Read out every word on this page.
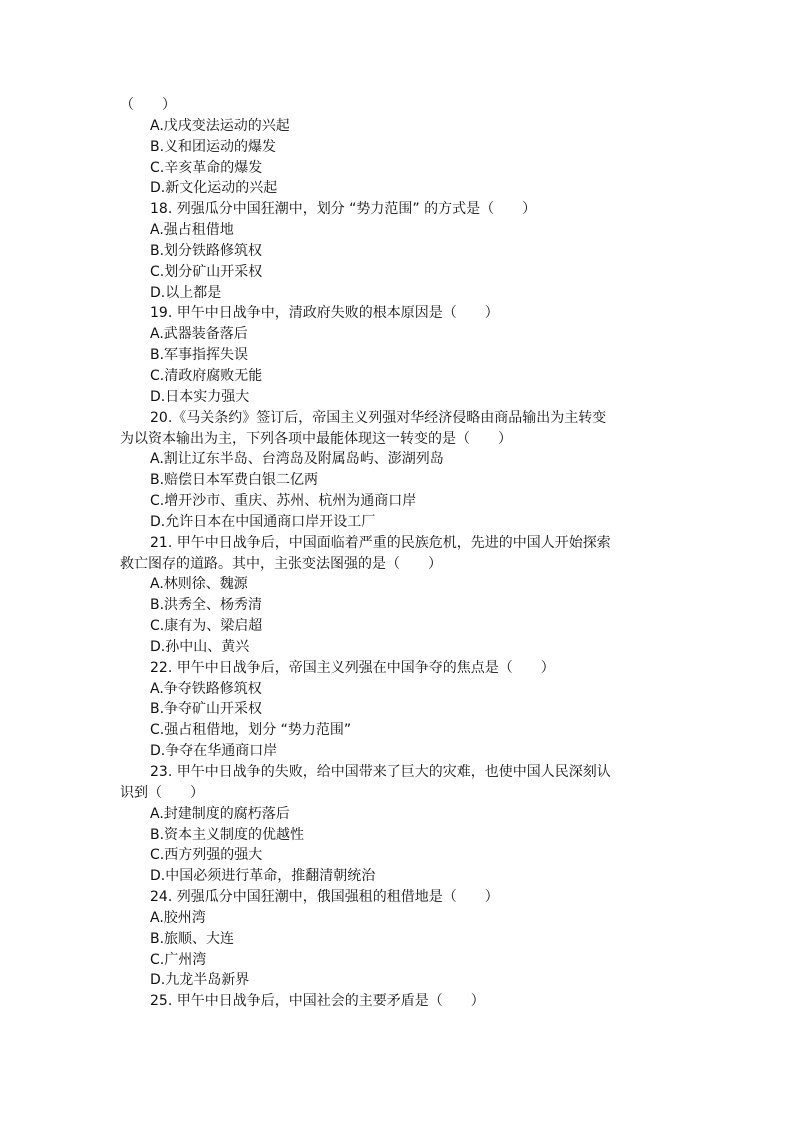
（　　）
A.戊戌变法运动的兴起
B.义和团运动的爆发
C.辛亥革命的爆发
D.新文化运动的兴起
18. 列强瓜分中国狂潮中，划分 “势力范围” 的方式是（　　）
A.强占租借地
B.划分铁路修筑权
C.划分矿山开采权
D.以上都是
19. 甲午中日战争中，清政府失败的根本原因是（　　）
A.武器装备落后
B.军事指挥失误
C.清政府腐败无能
D.日本实力强大
20.《马关条约》签订后，帝国主义列强对华经济侵略由商品输出为主转变
为以资本输出为主，下列各项中最能体现这一转变的是（　　）
A.割让辽东半岛、台湾岛及附属岛屿、澎湖列岛
B.赔偿日本军费白银二亿两
C.增开沙市、重庆、苏州、杭州为通商口岸
D.允许日本在中国通商口岸开设工厂
21. 甲午中日战争后，中国面临着严重的民族危机，先进的中国人开始探索
救亡图存的道路。其中，主张变法图强的是（　　）
A.林则徐、魏源
B.洪秀全、杨秀清
C.康有为、梁启超
D.孙中山、黄兴
22. 甲午中日战争后，帝国主义列强在中国争夺的焦点是（　　）
A.争夺铁路修筑权
B.争夺矿山开采权
C.强占租借地，划分 “势力范围”
D.争夺在华通商口岸
23. 甲午中日战争的失败，给中国带来了巨大的灾难，也使中国人民深刻认
识到（　　）
A.封建制度的腐朽落后
B.资本主义制度的优越性
C.西方列强的强大
D.中国必须进行革命，推翻清朝统治
24. 列强瓜分中国狂潮中，俄国强租的租借地是（　　）
A.胶州湾
B.旅顺、大连
C.广州湾
D.九龙半岛新界
25. 甲午中日战争后，中国社会的主要矛盾是（　　）
